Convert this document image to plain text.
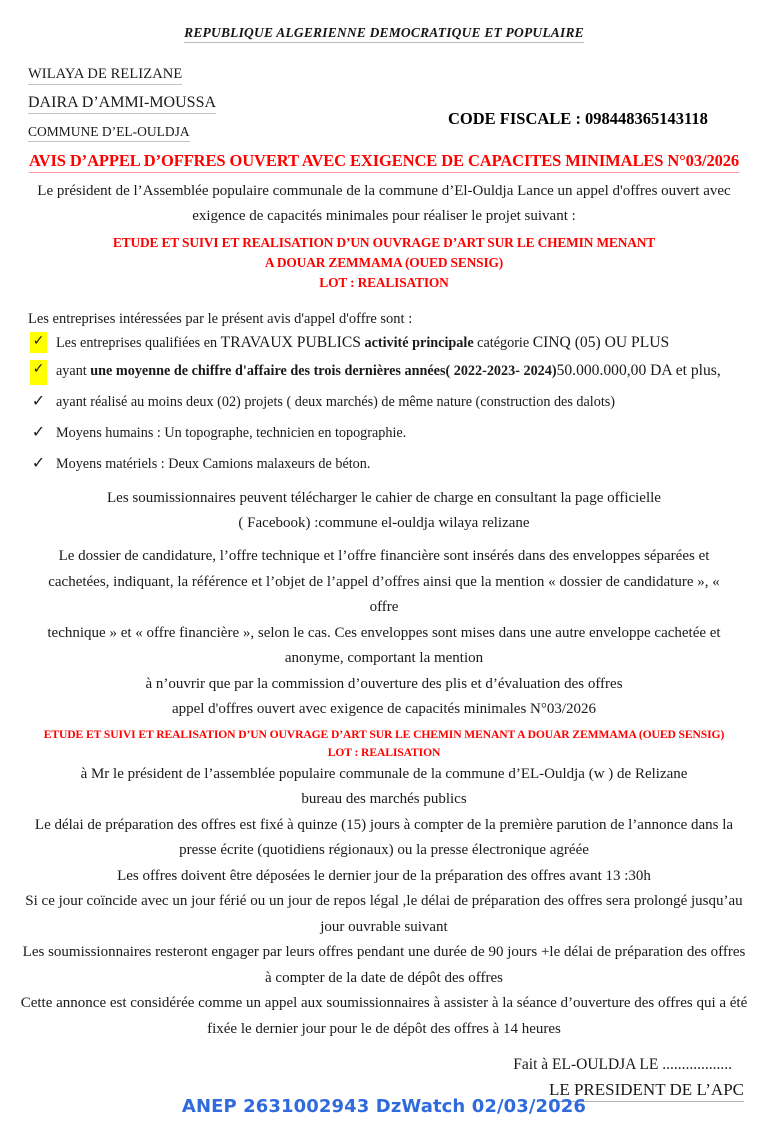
REPUBLIQUE ALGERIENNE DEMOCRATIQUE ET POPULAIRE
WILAYA DE RELIZANE
DAIRA D’AMMI-MOUSSA
COMMUNE D’EL-OULDJA
CODE FISCALE : 098448365143118
AVIS D’APPEL D’OFFRES OUVERT AVEC EXIGENCE DE CAPACITES MINIMALES N°03/2026
Le président de l’Assemblée populaire communale de la commune d’El-Ouldja Lance un appel d'offres ouvert avec
exigence de capacités minimales pour réaliser le projet suivant :
ETUDE ET SUIVI ET REALISATION D’UN OUVRAGE D’ART SUR LE CHEMIN MENANT
A DOUAR ZEMMAMA (OUED SENSIG)
LOT : REALISATION
Les entreprises intéressées par le présent avis d'appel d'offre sont :
✓ Les entreprises qualifiées en TRAVAUX PUBLICS activité principale catégorie CINQ (05) OU PLUS
✓ ayant une moyenne de chiffre d'affaire des trois dernières années( 2022-2023- 2024)50.000.000,00 DA et plus,
✓ ayant réalisé au moins deux (02) projets ( deux marchés) de même nature (construction des dalots)
✓ Moyens humains : Un topographe, technicien en topographie.
✓ Moyens matériels : Deux Camions malaxeurs de béton.
Les soumissionnaires peuvent télécharger le cahier de charge en consultant la page officielle
( Facebook) :commune el-ouldja wilaya relizane
Le dossier de candidature, l’offre technique et l’offre financière sont insérés dans des enveloppes séparées et
cachetées, indiquant, la référence et l’objet de l’appel d’offres ainsi que la mention « dossier de candidature », « offre
technique » et « offre financière », selon le cas. Ces enveloppes sont mises dans une autre enveloppe cachetée et
anonyme, comportant la mention
à n’ouvrir que par la commission d’ouverture des plis et d’évaluation des offres
appel d'offres ouvert avec exigence de capacités minimales N°03/2026
ETUDE ET SUIVI ET REALISATION D’UN OUVRAGE D’ART SUR LE CHEMIN MENANT A DOUAR ZEMMAMA (OUED SENSIG)
LOT : REALISATION
à Mr le président de l’assemblée populaire communale de la commune d’EL-Ouldja (w ) de Relizane
bureau des marchés publics
Le délai de préparation des offres est fixé à quinze (15) jours à compter de la première parution de l’annonce dans la
presse écrite (quotidiens régionaux) ou la presse électronique agréée
Les offres doivent être déposées le dernier jour de la préparation des offres avant 13 :30h
Si ce jour coïncide avec un jour férié ou un jour de repos légal ,le délai de préparation des offres sera prolongé jusqu’au
jour ouvrable suivant
Les soumissionnaires resteront engager par leurs offres pendant une durée de 90 jours +le délai de préparation des offres
à compter de la date de dépôt des offres
Cette annonce est considérée comme un appel aux soumissionnaires à assister à la séance d’ouverture des offres qui a été
fixée le dernier jour pour le de dépôt des offres à 14 heures
Fait à EL-OULDJA LE ..................
LE PRESIDENT DE L’APC
ANEP 2631002943 DzWatch 02/03/2026
